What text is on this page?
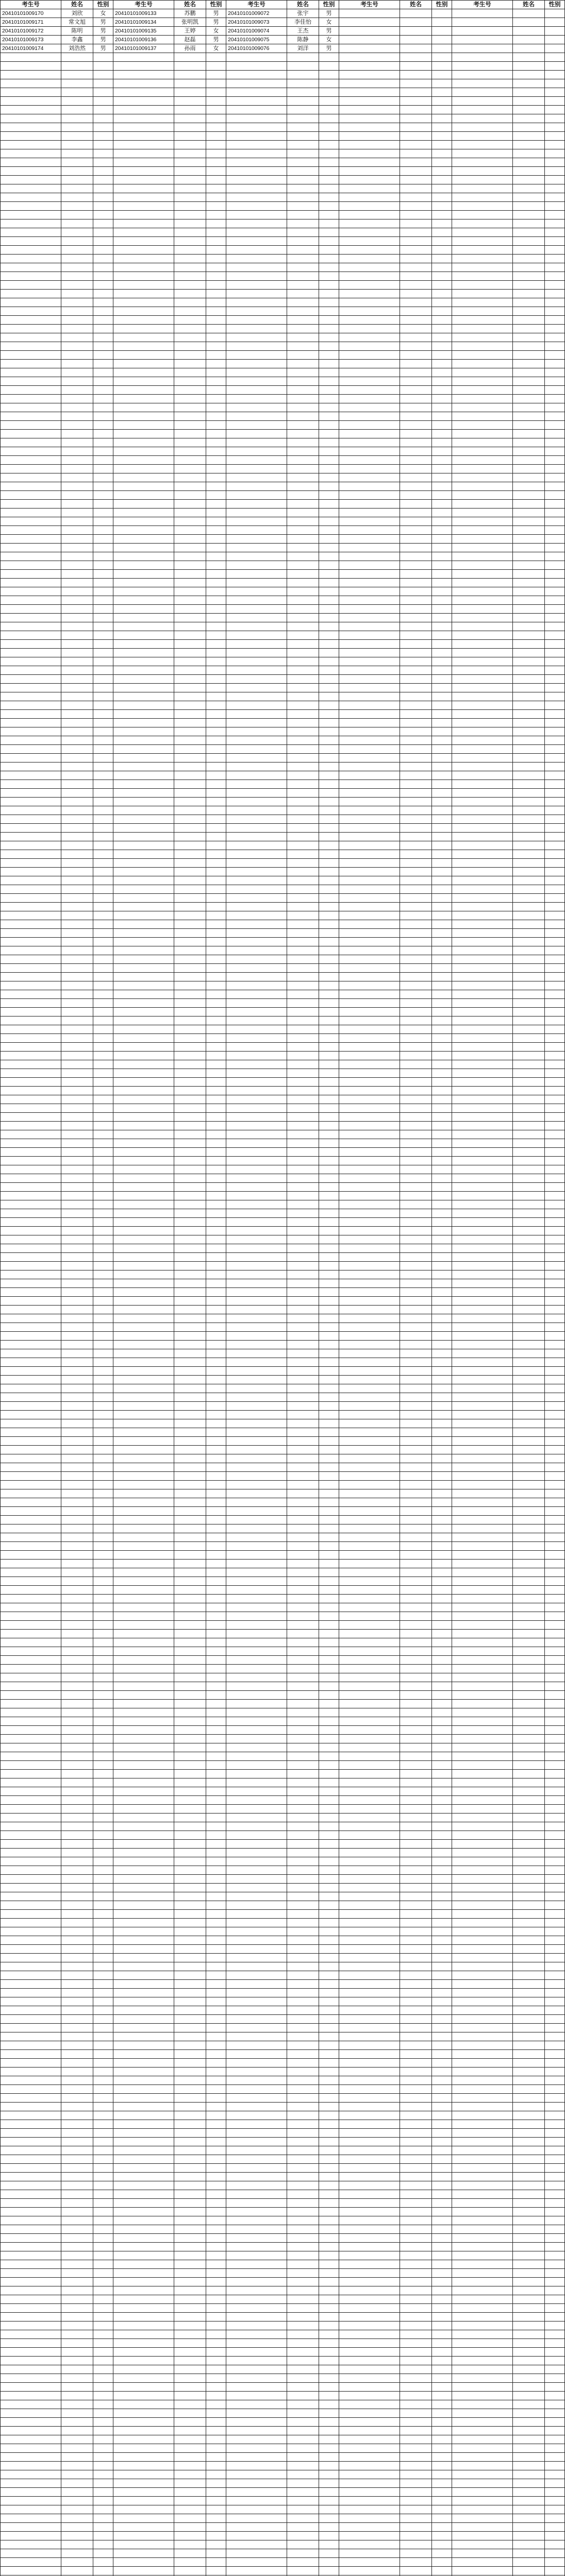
考生号	姓名	性别	考生号	姓名	性别	考生号	姓名	性别	考生号	姓名	性别	考生号	姓名	性别
20410101009170	刘欣	女	20410101009133	苏鹏	男	20410101009072	张宇	男						
20410101009171	常文旭	男	20410101009134	张明凯	男	20410101009073	李佳怡	女						
20410101009172	陈明	男	20410101009135	王婷	女	20410101009074	王杰	男						
20410101009173	李鑫	男	20410101009136	赵磊	男	20410101009075	陈静	女						
20410101009174	刘浩然	男	20410101009137	孙雨	女	20410101009076	刘洋	男						
